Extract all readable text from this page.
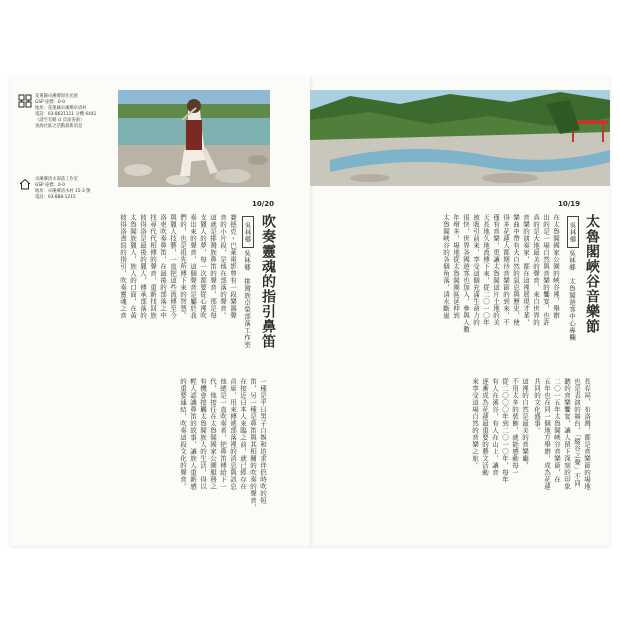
花蓮縣卓溪鄉原住民族
GSP 座標：0-0
地址：花蓮縣卓溪鄉卓清村
電話：03-8621111 分機 6441
（請至官網 cl 頁面查詢）
查詢社區之活動最新消息
卓溪鄉清水部落工作室
GSP 座標：0-0
地址：卓溪鄉清水村 15-3 號
電話：03-888-1215
10/20
吹奏靈魂的指引鼻笛
吳林郷
吳林郷　排灣族卓榮部落工作室
賽德克・巴萊電影曾有一段樂器聲
音的小片段，是他在部落的聲音。
這就是排灣族鼻笛的聲音，那是每
支獵人的夢，每一次都要從心裡吹
奏出來的聲音，這個聲音是屬於我
們的，也是祖先所傳下來的智慧。
與獵人技藝，一直把這些流傳至今
洛吏吹奏鼻笛，在最後的部落之中
找尋代代相傳的聲音，重新找回族
彼得洛是最後的獵人，傳承部落的
太魯閣族獵人，族人的口面，在黃
彼得洛書寫的指引，吹奏靈魂之音
一種是平日男子自娛和追求伴侶時吹的短
笛，另一種是鼻笛與其相關的吹奏的聲音，
在接近日本人來臨之前，就已經存在
首席，用來傳遞部落裡的消息與訊息
他總是一直吹奏者，把鼻笛傳給下一
代，他接任在太魯閣國家公園服務之
有機會接觸太魯閣族人的生活，得以
輕人認識鼻笛的故事，讓族人重新感
的重要連結，吹奏這段文化的聲音。
10/19
太魯閣峽谷音樂節
吳林郷
吳林郷　太魯閣遊客中心專欄
在太魯閣國家公園的峽谷裡，舉辦
出的是一場自然與音樂的饗宴，也許
真的是大地最美的聲音，來自世界的
音樂的演奏家，都在這裡展現才華，
樂曲中帶有大自然的氣息與歷史，使
得多花蓮人都期待音樂節的到來，不
僅有音樂，更讓太魯閣這片土地的美
天長地久地流傳下來，從二〇一〇年
被吸引前來，享受這個充滿生命力的
很快，世界各國遊客也加入，參與人數
年增多，場地從太魯閣園區延伸到
太魯閣峽谷的各個角落，清水斷崖
長春祠、布洛灣，都是音樂節的場地
也是表演的舞台，「縱谷之聲」不同
聽的音樂饗宴，讓人留下深刻的印象
二〇一五年太魯閣峽谷音樂節，在
五年也在同一個地方舉辦，成為花蓮
共同的文化盛事。
這裡的自然是最美的音樂廳，
不用太多的裝飾，就能感動每一
從二〇〇〇年到二〇一〇年，每年
有人在溪谷，有人在山上，讓音
逐漸成為花蓮最重要的藝文活動
來享受這場自然的音樂之旅。
